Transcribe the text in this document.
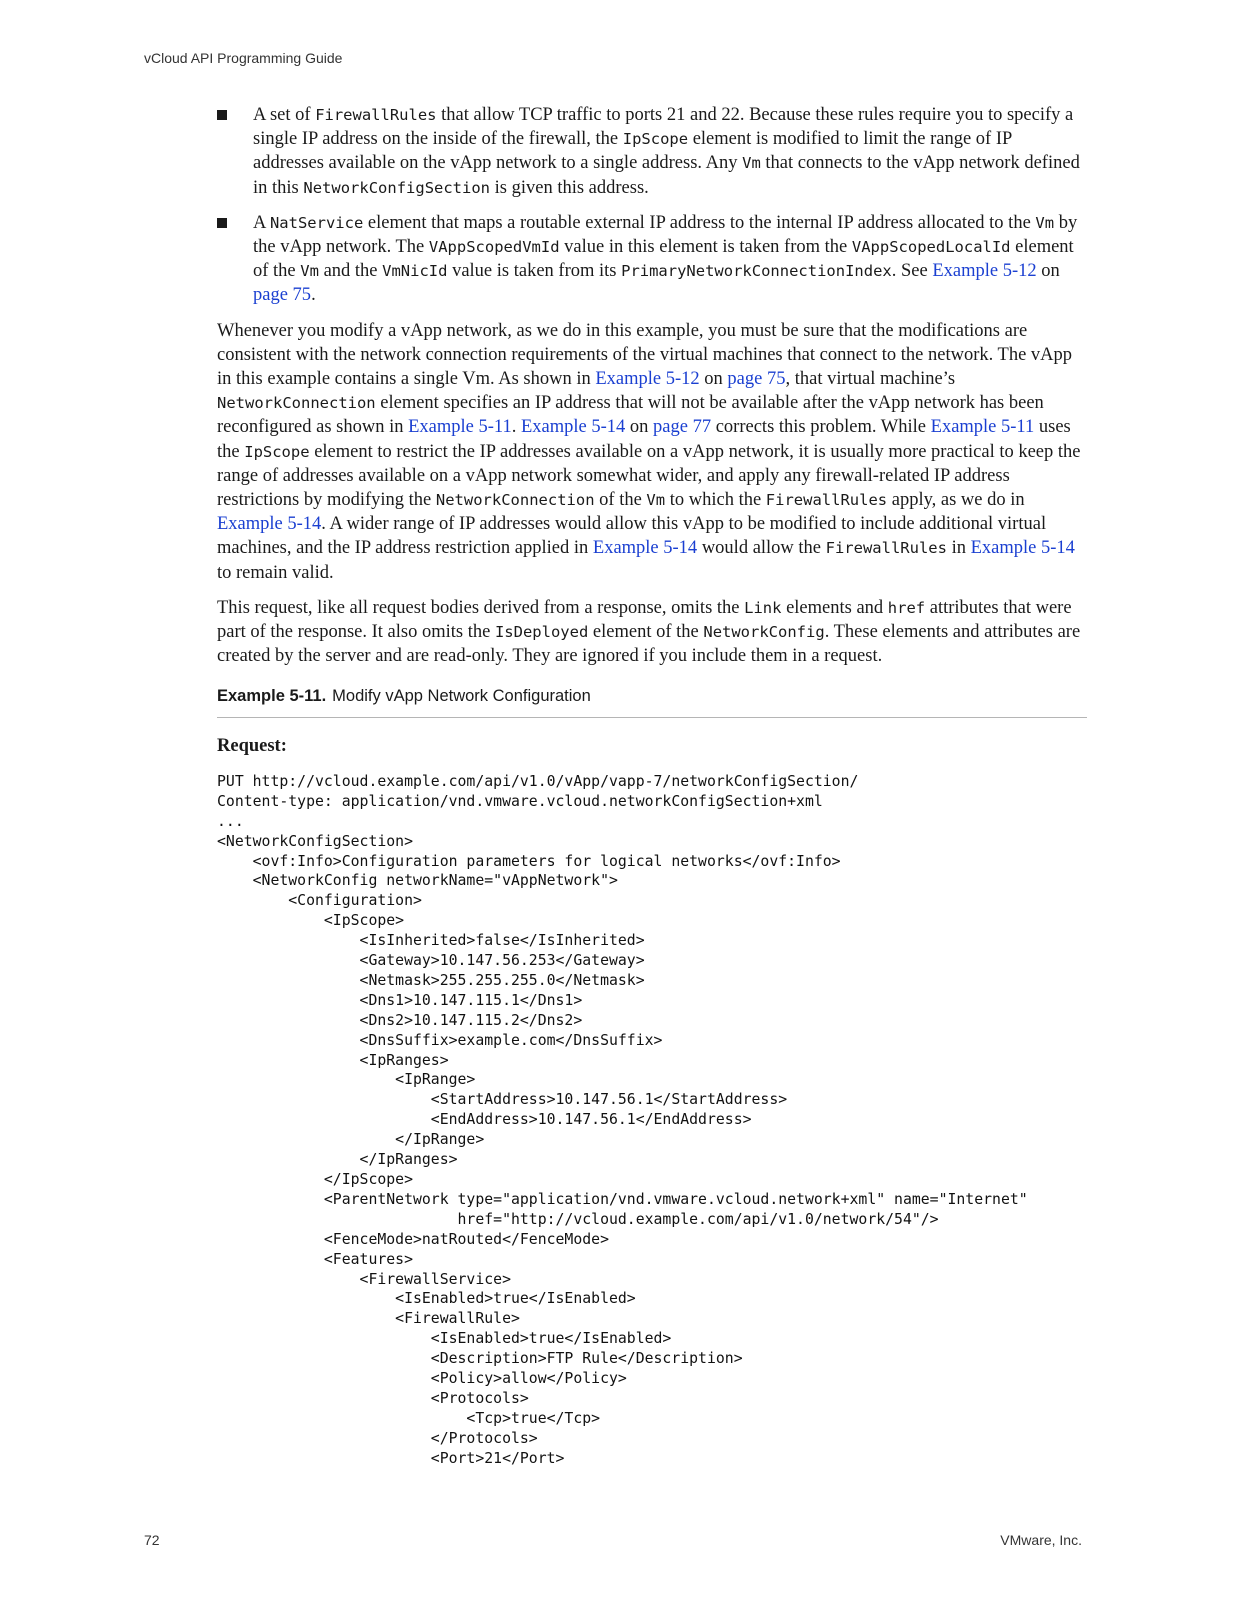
vCloud API Programming Guide
A set of FirewallRules that allow TCP traffic to ports 21 and 22. Because these rules require you to specify a single IP address on the inside of the firewall, the IpScope element is modified to limit the range of IP addresses available on the vApp network to a single address. Any Vm that connects to the vApp network defined in this NetworkConfigSection is given this address.
A NatService element that maps a routable external IP address to the internal IP address allocated to the Vm by the vApp network. The VAppScopedVmId value in this element is taken from the VAppScopedLocalId element of the Vm and the VmNicId value is taken from its PrimaryNetworkConnectionIndex. See Example 5-12 on page 75.

Whenever you modify a vApp network, as we do in this example, you must be sure that the modifications are consistent with the network connection requirements of the virtual machines that connect to the network. The vApp in this example contains a single Vm. As shown in Example 5-12 on page 75, that virtual machine’s NetworkConnection element specifies an IP address that will not be available after the vApp network has been reconfigured as shown in Example 5-11. Example 5-14 on page 77 corrects this problem. While Example 5-11 uses the IpScope element to restrict the IP addresses available on a vApp network, it is usually more practical to keep the range of addresses available on a vApp network somewhat wider, and apply any firewall-related IP address restrictions by modifying the NetworkConnection of the Vm to which the FirewallRules apply, as we do in Example 5-14. A wider range of IP addresses would allow this vApp to be modified to include additional virtual machines, and the IP address restriction applied in Example 5-14 would allow the FirewallRules in Example 5-14 to remain valid.

This request, like all request bodies derived from a response, omits the Link elements and href attributes that were part of the response. It also omits the IsDeployed element of the NetworkConfig. These elements and attributes are created by the server and are read-only. They are ignored if you include them in a request.

Example 5-11. Modify vApp Network Configuration
Request:
PUT http://vcloud.example.com/api/v1.0/vApp/vapp-7/networkConfigSection/
Content-type: application/vnd.vmware.vcloud.networkConfigSection+xml
...
<NetworkConfigSection>
<ovf:Info>Configuration parameters for logical networks</ovf:Info>
<NetworkConfig networkName="vAppNetwork">
<Configuration>
<IpScope>
<IsInherited>false</IsInherited>
<Gateway>10.147.56.253</Gateway>
<Netmask>255.255.255.0</Netmask>
<Dns1>10.147.115.1</Dns1>
<Dns2>10.147.115.2</Dns2>
<DnsSuffix>example.com</DnsSuffix>
<IpRanges>
<IpRange>
<StartAddress>10.147.56.1</StartAddress>
<EndAddress>10.147.56.1</EndAddress>
</IpRange>
</IpRanges>
</IpScope>
<ParentNetwork type="application/vnd.vmware.vcloud.network+xml" name="Internet"
href="http://vcloud.example.com/api/v1.0/network/54"/>
<FenceMode>natRouted</FenceMode>
<Features>
<FirewallService>
<IsEnabled>true</IsEnabled>
<FirewallRule>
<IsEnabled>true</IsEnabled>
<Description>FTP Rule</Description>
<Policy>allow</Policy>
<Protocols>
<Tcp>true</Tcp>
</Protocols>
<Port>21</Port>

72	VMware, Inc.
